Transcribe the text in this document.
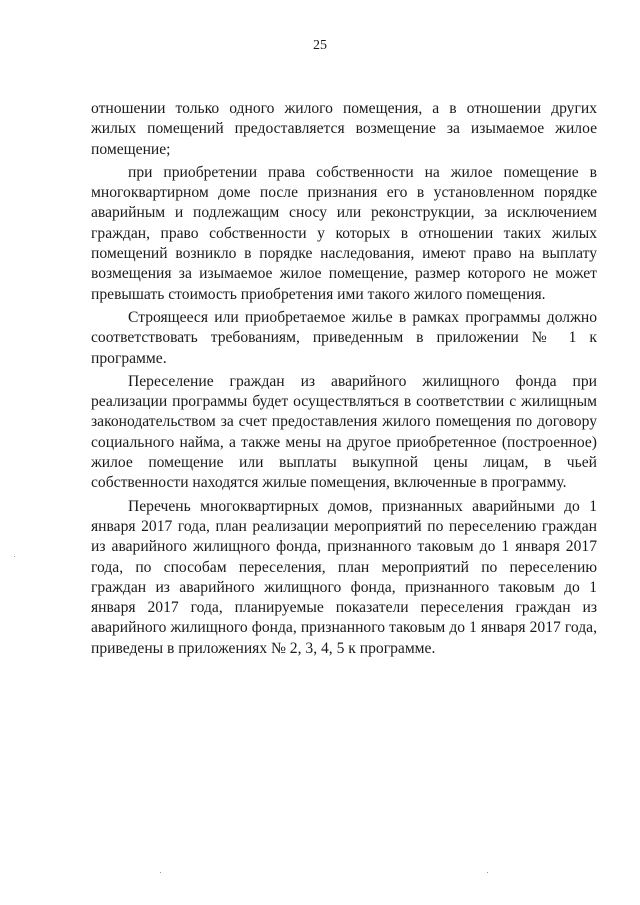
25

отношении только одного жилого помещения, а в отношении других жилых помещений предоставляется возмещение за изымаемое жилое помещение;

при приобретении права собственности на жилое помещение в многоквартирном доме после признания его в установленном порядке аварийным и подлежащим сносу или реконструкции, за исключением граждан, право собственности у которых в отношении таких жилых помещений возникло в порядке наследования, имеют право на выплату возмещения за изымаемое жилое помещение, размер которого не может превышать стоимость приобретения ими такого жилого помещения.

Строящееся или приобретаемое жилье в рамках программы должно соответствовать требованиям, приведенным в приложении № 1 к программе.

Переселение граждан из аварийного жилищного фонда при реализации программы будет осуществляться в соответствии с жилищным законодательством за счет предоставления жилого помещения по договору социального найма, а также мены на другое приобретенное (построенное) жилое помещение или выплаты выкупной цены лицам, в чьей собственности находятся жилые помещения, включенные в программу.

Перечень многоквартирных домов, признанных аварийными до 1 января 2017 года, план реализации мероприятий по переселению граждан из аварийного жилищного фонда, признанного таковым до 1 января 2017 года, по способам переселения, план мероприятий по переселению граждан из аварийного жилищного фонда, признанного таковым до 1 января 2017 года, планируемые показатели переселения граждан из аварийного жилищного фонда, признанного таковым до 1 января 2017 года, приведены в приложениях № 2, 3, 4, 5 к программе.
